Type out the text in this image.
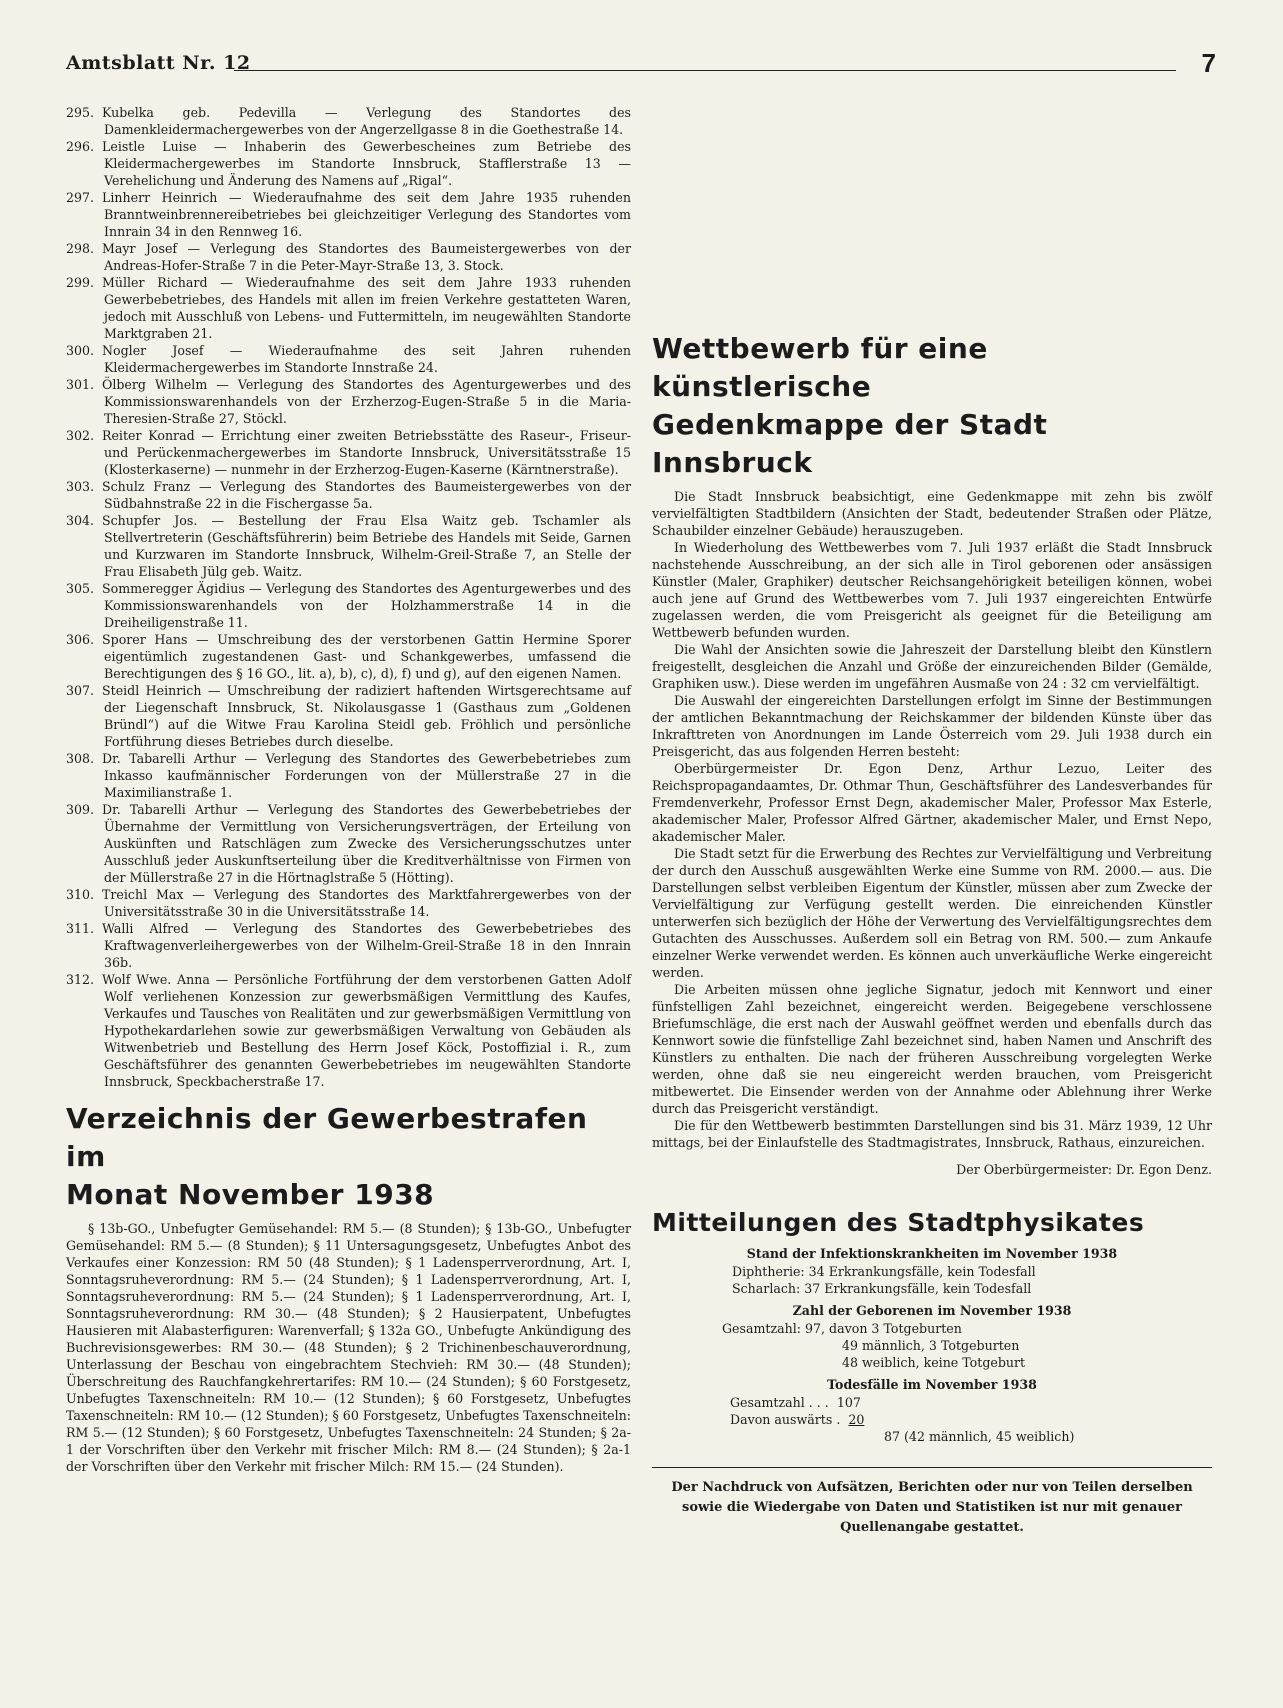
Amtsblatt Nr. 12	7
295. Kubelka geb. Pedevilla — Verlegung des Standortes des Damenkleidermachergewerbes von der Angerzellgasse 8 in die Goethestraße 14.
296. Leistle Luise — Inhaberin des Gewerbescheines zum Betriebe des Kleidermachergewerbes im Standorte Innsbruck, Stafflerstraße 13 — Verehelichung und Änderung des Namens auf „Rigal“.
297. Linherr Heinrich — Wiederaufnahme des seit dem Jahre 1935 ruhenden Branntweinbrennereibetriebes bei gleichzeitiger Verlegung des Standortes vom Innrain 34 in den Rennweg 16.
298. Mayr Josef — Verlegung des Standortes des Baumeistergewerbes von der Andreas-Hofer-Straße 7 in die Peter-Mayr-Straße 13, 3. Stock.
299. Müller Richard — Wiederaufnahme des seit dem Jahre 1933 ruhenden Gewerbebetriebes, des Handels mit allen im freien Verkehre gestatteten Waren, jedoch mit Ausschluß von Lebens- und Futtermitteln, im neugewählten Standorte Marktgraben 21.
300. Nogler Josef — Wiederaufnahme des seit Jahren ruhenden Kleidermachergewerbes im Standorte Innstraße 24.
301. Ölberg Wilhelm — Verlegung des Standortes des Agenturgewerbes und des Kommissionswarenhandels von der Erzherzog-Eugen-Straße 5 in die Maria-Theresien-Straße 27, Stöckl.
302. Reiter Konrad — Errichtung einer zweiten Betriebsstätte des Raseur-, Friseur- und Perückenmachergewerbes im Standorte Innsbruck, Universitätsstraße 15 (Klosterkaserne) — nunmehr in der Erzherzog-Eugen-Kaserne (Kärntnerstraße).
303. Schulz Franz — Verlegung des Standortes des Baumeistergewerbes von der Südbahnstraße 22 in die Fischergasse 5a.
304. Schupfer Jos. — Bestellung der Frau Elsa Waitz geb. Tschamler als Stellvertreterin (Geschäftsführerin) beim Betriebe des Handels mit Seide, Garnen und Kurzwaren im Standorte Innsbruck, Wilhelm-Greil-Straße 7, an Stelle der Frau Elisabeth Jülg geb. Waitz.
305. Sommeregger Ägidius — Verlegung des Standortes des Agenturgewerbes und des Kommissionswarenhandels von der Holzhammerstraße 14 in die Dreiheiligenstraße 11.
306. Sporer Hans — Umschreibung des der verstorbenen Gattin Hermine Sporer eigentümlich zugestandenen Gast- und Schankgewerbes, umfassend die Berechtigungen des § 16 GO., lit. a), b), c), d), f) und g), auf den eigenen Namen.
307. Steidl Heinrich — Umschreibung der radiziert haftenden Wirtsgerechtsame auf der Liegenschaft Innsbruck, St. Nikolausgasse 1 (Gasthaus zum „Goldenen Bründl“) auf die Witwe Frau Karolina Steidl geb. Fröhlich und persönliche Fortführung dieses Betriebes durch dieselbe.
308. Dr. Tabarelli Arthur — Verlegung des Standortes des Gewerbebetriebes zum Inkasso kaufmännischer Forderungen von der Müllerstraße 27 in die Maximilianstraße 1.
309. Dr. Tabarelli Arthur — Verlegung des Standortes des Gewerbebetriebes der Übernahme der Vermittlung von Versicherungsverträgen, der Erteilung von Auskünften und Ratschlägen zum Zwecke des Versicherungsschutzes unter Ausschluß jeder Auskunftserteilung über die Kreditverhältnisse von Firmen von der Müllerstraße 27 in die Hörtnaglstraße 5 (Hötting).
310. Treichl Max — Verlegung des Standortes des Marktfahrergewerbes von der Universitätsstraße 30 in die Universitätsstraße 14.
311. Walli Alfred — Verlegung des Standortes des Gewerbebetriebes des Kraftwagenverleihergewerbes von der Wilhelm-Greil-Straße 18 in den Innrain 36b.
312. Wolf Wwe. Anna — Persönliche Fortführung der dem verstorbenen Gatten Adolf Wolf verliehenen Konzession zur gewerbsmäßigen Vermittlung des Kaufes, Verkaufes und Tausches von Realitäten und zur gewerbsmäßigen Vermittlung von Hypothekardarlehen sowie zur gewerbsmäßigen Verwaltung von Gebäuden als Witwenbetrieb und Bestellung des Herrn Josef Köck, Postoffizial i. R., zum Geschäftsführer des genannten Gewerbebetriebes im neugewählten Standorte Innsbruck, Speckbacherstraße 17.
Verzeichnis der Gewerbestrafen im
Monat November 1938

§ 13b-GO., Unbefugter Gemüsehandel: RM 5.— (8 Stunden); § 13b-GO., Unbefugter Gemüsehandel: RM 5.— (8 Stunden); § 11 Untersagungsgesetz, Unbefugtes Anbot des Verkaufes einer Konzession: RM 50 (48 Stunden); § 1 Ladensperrverordnung, Art. I, Sonntagsruheverordnung: RM 5.— (24 Stunden); § 1 Ladensperrverordnung, Art. I, Sonntagsruheverordnung: RM 5.— (24 Stunden); § 1 Ladensperrverordnung, Art. I, Sonntagsruheverordnung: RM 30.— (48 Stunden); § 2 Hausierpatent, Unbefugtes Hausieren mit Alabasterfiguren: Warenverfall; § 132a GO., Unbefugte Ankündigung des Buchrevisionsgewerbes: RM 30.— (48 Stunden); § 2 Trichinenbeschauverordnung, Unterlassung der Beschau von eingebrachtem Stechvieh: RM 30.— (48 Stunden); Überschreitung des Rauchfangkehrertarifes: RM 10.— (24 Stunden); § 60 Forstgesetz, Unbefugtes Taxenschneiteln: RM 10.— (12 Stunden); § 60 Forstgesetz, Unbefugtes Taxenschneiteln: RM 10.— (12 Stunden); § 60 Forstgesetz, Unbefugtes Taxenschneiteln: RM 5.— (12 Stunden); § 60 Forstgesetz, Unbefugtes Taxenschneiteln: 24 Stunden; § 2a-1 der Vorschriften über den Verkehr mit frischer Milch: RM 8.— (24 Stunden); § 2a-1 der Vorschriften über den Verkehr mit frischer Milch: RM 15.— (24 Stunden).

Wettbewerb für eine künstlerische
Gedenkmappe der Stadt Innsbruck

Die Stadt Innsbruck beabsichtigt, eine Gedenkmappe mit zehn bis zwölf vervielfältigten Stadtbildern (Ansichten der Stadt, bedeutender Straßen oder Plätze, Schaubilder einzelner Gebäude) herauszugeben.

In Wiederholung des Wettbewerbes vom 7. Juli 1937 erläßt die Stadt Innsbruck nachstehende Ausschreibung, an der sich alle in Tirol geborenen oder ansässigen Künstler (Maler, Graphiker) deutscher Reichsangehörigkeit beteiligen können, wobei auch jene auf Grund des Wettbewerbes vom 7. Juli 1937 eingereichten Entwürfe zugelassen werden, die vom Preisgericht als geeignet für die Beteiligung am Wettbewerb befunden wurden.

Die Wahl der Ansichten sowie die Jahreszeit der Darstellung bleibt den Künstlern freigestellt, desgleichen die Anzahl und Größe der einzureichenden Bilder (Gemälde, Graphiken usw.). Diese werden im ungefähren Ausmaße von 24 : 32 cm vervielfältigt.

Die Auswahl der eingereichten Darstellungen erfolgt im Sinne der Bestimmungen der amtlichen Bekanntmachung der Reichskammer der bildenden Künste über das Inkrafttreten von Anordnungen im Lande Österreich vom 29. Juli 1938 durch ein Preisgericht, das aus folgenden Herren besteht:

Oberbürgermeister Dr. Egon Denz, Arthur Lezuo, Leiter des Reichspropagandaamtes, Dr. Othmar Thun, Geschäftsführer des Landesverbandes für Fremdenverkehr, Professor Ernst Degn, akademischer Maler, Professor Max Esterle, akademischer Maler, Professor Alfred Gärtner, akademischer Maler, und Ernst Nepo, akademischer Maler.

Die Stadt setzt für die Erwerbung des Rechtes zur Vervielfältigung und Verbreitung der durch den Ausschuß ausgewählten Werke eine Summe von RM. 2000.— aus. Die Darstellungen selbst verbleiben Eigentum der Künstler, müssen aber zum Zwecke der Vervielfältigung zur Verfügung gestellt werden. Die einreichenden Künstler unterwerfen sich bezüglich der Höhe der Verwertung des Vervielfältigungsrechtes dem Gutachten des Ausschusses. Außerdem soll ein Betrag von RM. 500.— zum Ankaufe einzelner Werke verwendet werden. Es können auch unverkäufliche Werke eingereicht werden.

Die Arbeiten müssen ohne jegliche Signatur, jedoch mit Kennwort und einer fünfstelligen Zahl bezeichnet, eingereicht werden. Beigegebene verschlossene Briefumschläge, die erst nach der Auswahl geöffnet werden und ebenfalls durch das Kennwort sowie die fünfstellige Zahl bezeichnet sind, haben Namen und Anschrift des Künstlers zu enthalten. Die nach der früheren Ausschreibung vorgelegten Werke werden, ohne daß sie neu eingereicht werden brauchen, vom Preisgericht mitbewertet. Die Einsender werden von der Annahme oder Ablehnung ihrer Werke durch das Preisgericht verständigt.

Die für den Wettbewerb bestimmten Darstellungen sind bis 31. März 1939, 12 Uhr mittags, bei der Einlaufstelle des Stadtmagistrates, Innsbruck, Rathaus, einzureichen.

Der Oberbürgermeister: Dr. Egon Denz.
Mitteilungen des Stadtphysikates
Stand der Infektionskrankheiten im November 1938
Diphtherie: 34 Erkrankungsfälle, kein Todesfall
Scharlach: 37 Erkrankungsfälle, kein Todesfall
Zahl der Geborenen im November 1938
Gesamtzahl: 97, davon 3 Totgeburten
49 männlich, 3 Totgeburten
48 weiblich, keine Totgeburt
Todesfälle im November 1938
Gesamtzahl . . . 107
Davon auswärts . 20
87 (42 männlich, 45 weiblich)
Der Nachdruck von Aufsätzen, Berichten oder nur von Teilen derselben sowie die Wiedergabe von Daten und Statistiken ist nur mit genauer Quellenangabe gestattet.
